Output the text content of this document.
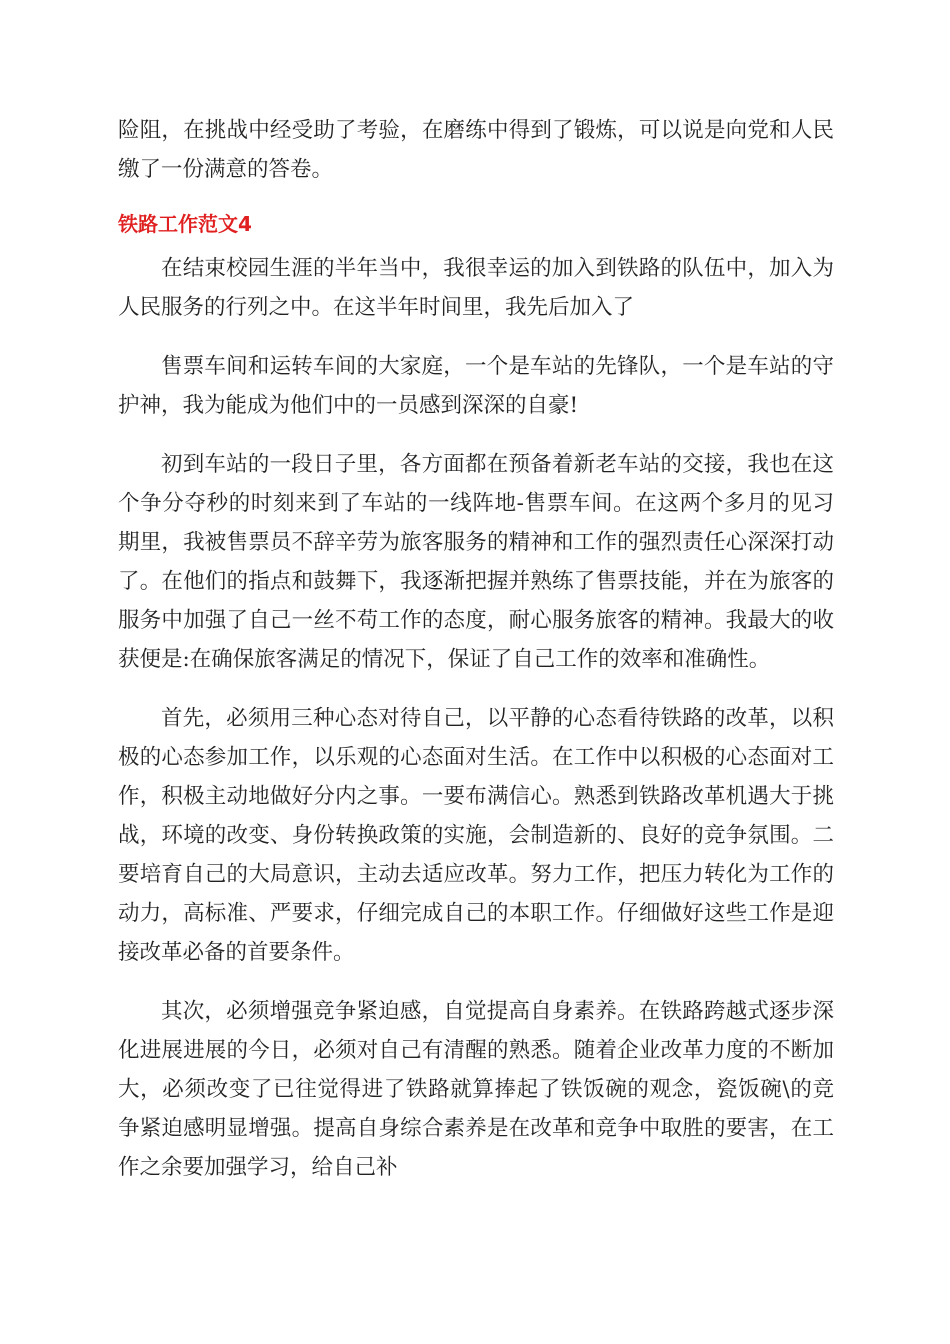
险阻，在挑战中经受助了考验，在磨练中得到了锻炼，可以说是向党和人民缴了一份满意的答卷。

铁路工作范文4

在结束校园生涯的半年当中，我很幸运的加入到铁路的队伍中，加入为人民服务的行列之中。在这半年时间里，我先后加入了

售票车间和运转车间的大家庭，一个是车站的先锋队，一个是车站的守护神，我为能成为他们中的一员感到深深的自豪!

初到车站的一段日子里，各方面都在预备着新老车站的交接，我也在这个争分夺秒的时刻来到了车站的一线阵地-售票车间。在这两个多月的见习期里，我被售票员不辞辛劳为旅客服务的精神和工作的强烈责任心深深打动了。在他们的指点和鼓舞下，我逐渐把握并熟练了售票技能，并在为旅客的服务中加强了自己一丝不苟工作的态度，耐心服务旅客的精神。我最大的收获便是:在确保旅客满足的情况下，保证了自己工作的效率和准确性。

首先，必须用三种心态对待自己，以平静的心态看待铁路的改革，以积极的心态参加工作，以乐观的心态面对生活。在工作中以积极的心态面对工作，积极主动地做好分内之事。一要布满信心。熟悉到铁路改革机遇大于挑战，环境的改变、身份转换政策的实施，会制造新的、良好的竞争氛围。二要培育自己的大局意识，主动去适应改革。努力工作，把压力转化为工作的动力，高标准、严要求，仔细完成自己的本职工作。仔细做好这些工作是迎接改革必备的首要条件。

其次，必须增强竞争紧迫感，自觉提高自身素养。在铁路跨越式逐步深化进展进展的今日，必须对自己有清醒的熟悉。随着企业改革力度的不断加大，必须改变了已往觉得进了铁路就算捧起了铁饭碗的观念，瓷饭碗\的竞争紧迫感明显增强。提高自身综合素养是在改革和竞争中取胜的要害，在工作之余要加强学习，给自己补
